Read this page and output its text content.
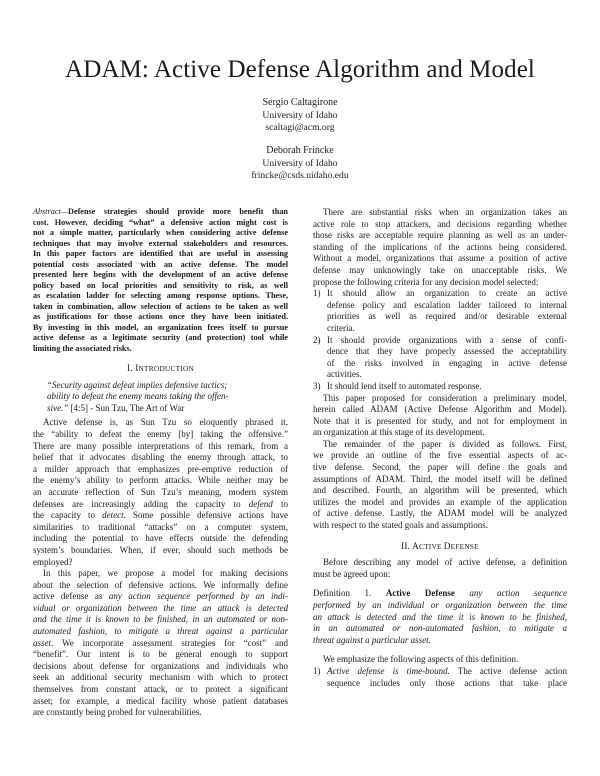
ADAM: Active Defense Algorithm and Model
Sergio Caltagirone
University of Idaho
scaltagi@acm.org
Deborah Frincke
University of Idaho
frincke@csds.uidaho.edu
Abstract—Defense strategies should provide more benefit than
cost. However, deciding “what” a defensive action might cost is
not a simple matter, particularly when considering active defense
techniques that may involve external stakeholders and resources.
In this paper factors are identified that are useful in assessing
potential costs associated with an active defense. The model
presented here begins with the development of an active defense
policy based on local priorities and sensitivity to risk, as well
as escalation ladder for selecting among response options. These,
taken in combination, allow selection of actions to be taken as well
as justifications for those actions once they have been initiated.
By investing in this model, an organization frees itself to pursue
active defense as a legitimate security (and protection) tool while
limiting the associated risks.
I. INTRODUCTION
“Security against defeat implies defensive tactics;
ability to defeat the enemy means taking the offen-
sive.” [4:5] - Sun Tzu, The Art of War
Active defense is, as Sun Tzu so eloquently phrased it,
the “ability to defeat the enemy [by] taking the offensive.”
There are many possible interpretations of this remark, from a
belief that it advocates disabling the enemy through attack, to
a milder approach that emphasizes pre-emptive reduction of
the enemy’s ability to perform attacks. While neither may be
an accurate reflection of Sun Tzu’s meaning, modern system
defenses are increasingly adding the capacity to defend to
the capacity to detect. Some possible defensive actions have
similarities to traditional “attacks” on a computer system,
including the potential to have effects outside the defending
system’s boundaries. When, if ever, should such methods be
employed?
In this paper, we propose a model for making decisions
about the selection of defensive actions. We informally define
active defense as any action sequence performed by an indi-
vidual or organization between the time an attack is detected
and the time it is known to be finished, in an automated or non-
automated fashion, to mitigate a threat against a particular
asset. We incorporate assessment strategies for “cost” and
“benefit”. Our intent is to be general enough to support
decisions about defense for organizations and individuals who
seek an additional security mechanism with which to protect
themselves from constant attack, or to protect a significant
asset; for example, a medical facility whose patient databases
are constantly being probed for vulnerabilities.
There are substantial risks when an organization takes an
active role to stop attackers, and decisions regarding whether
those risks are acceptable require planning as well as an under-
standing of the implications of the actions being considered.
Without a model, organizations that assume a position of active
defense may unknowingly take on unacceptable risks. We
propose the following criteria for any decision model selected:
1) It should allow an organization to create an active
defense policy and escalation ladder tailored to internal
priorities as well as required and/or desirable external
criteria.
2) It should provide organizations with a sense of confi-
dence that they have properly assessed the acceptability
of the risks involved in engaging in active defense
activities.
3) It should lend itself to automated response.
This paper proposed for consideration a preliminary model,
herein called ADAM (Active Defense Algorithm and Model).
Note that it is presented for study, and not for employment in
an organization at this stage of its development.
The remainder of the paper is divided as follows. First,
we provide an outline of the five essential aspects of ac-
tive defense. Second, the paper will define the goals and
assumptions of ADAM. Third, the model itself will be defined
and described. Fourth, an algorithm will be presented, which
utilizes the model and provides an example of the application
of active defense. Lastly, the ADAM model will be analyzed
with respect to the stated goals and assumptions.
II. ACTIVE DEFENSE
Before describing any model of active defense, a definition
must be agreed upon:
Definition 1. Active Defense any action sequence
performed by an individual or organization between the time
an attack is detected and the time it is known to be finished,
in an automated or non-automated fashion, to mitigate a
threat against a particular asset.
We emphasize the following aspects of this definition.
1) Active defense is time-bound. The active defense action
sequence includes only those actions that take place
